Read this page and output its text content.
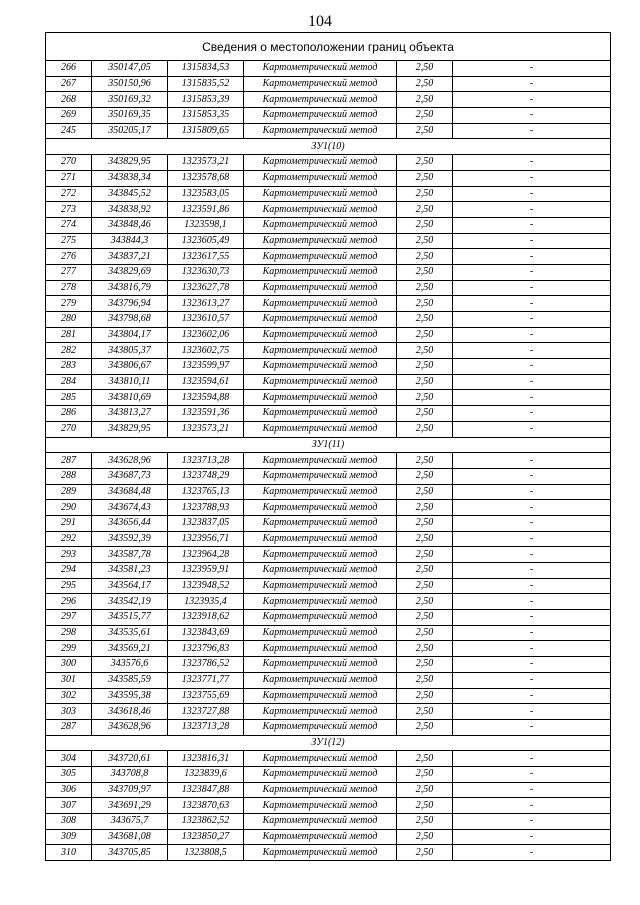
104
Сведения о местоположении границ объекта					
266	350147,05	1315834,53	Картометрический метод	2,50	-
267	350150,96	1315835,52	Картометрический метод	2,50	-
268	350169,32	1315853,39	Картометрический метод	2,50	-
269	350169,35	1315853,35	Картометрический метод	2,50	-
245	350205,17	1315809,65	Картометрический метод	2,50	-
ЗУ1(10)					
270	343829,95	1323573,21	Картометрический метод	2,50	-
271	343838,34	1323578,68	Картометрический метод	2,50	-
272	343845,52	1323583,05	Картометрический метод	2,50	-
273	343838,92	1323591,86	Картометрический метод	2,50	-
274	343848,46	1323598,1	Картометрический метод	2,50	-
275	343844,3	1323605,49	Картометрический метод	2,50	-
276	343837,21	1323617,55	Картометрический метод	2,50	-
277	343829,69	1323630,73	Картометрический метод	2,50	-
278	343816,79	1323627,78	Картометрический метод	2,50	-
279	343796,94	1323613,27	Картометрический метод	2,50	-
280	343798,68	1323610,57	Картометрический метод	2,50	-
281	343804,17	1323602,06	Картометрический метод	2,50	-
282	343805,37	1323602,75	Картометрический метод	2,50	-
283	343806,67	1323599,97	Картометрический метод	2,50	-
284	343810,11	1323594,61	Картометрический метод	2,50	-
285	343810,69	1323594,88	Картометрический метод	2,50	-
286	343813,27	1323591,36	Картометрический метод	2,50	-
270	343829,95	1323573,21	Картометрический метод	2,50	-
ЗУ1(11)					
287	343628,96	1323713,28	Картометрический метод	2,50	-
288	343687,73	1323748,29	Картометрический метод	2,50	-
289	343684,48	1323765,13	Картометрический метод	2,50	-
290	343674,43	1323788,93	Картометрический метод	2,50	-
291	343656,44	1323837,05	Картометрический метод	2,50	-
292	343592,39	1323956,71	Картометрический метод	2,50	-
293	343587,78	1323964,28	Картометрический метод	2,50	-
294	343581,23	1323959,91	Картометрический метод	2,50	-
295	343564,17	1323948,52	Картометрический метод	2,50	-
296	343542,19	1323935,4	Картометрический метод	2,50	-
297	343515,77	1323918,62	Картометрический метод	2,50	-
298	343535,61	1323843,69	Картометрический метод	2,50	-
299	343569,21	1323796,83	Картометрический метод	2,50	-
300	343576,6	1323786,52	Картометрический метод	2,50	-
301	343585,59	1323771,77	Картометрический метод	2,50	-
302	343595,38	1323755,69	Картометрический метод	2,50	-
303	343618,46	1323727,88	Картометрический метод	2,50	-
287	343628,96	1323713,28	Картометрический метод	2,50	-
ЗУ1(12)					
304	343720,61	1323816,31	Картометрический метод	2,50	-
305	343708,8	1323839,6	Картометрический метод	2,50	-
306	343709,97	1323847,88	Картометрический метод	2,50	-
307	343691,29	1323870,63	Картометрический метод	2,50	-
308	343675,7	1323862,52	Картометрический метод	2,50	-
309	343681,08	1323850,27	Картометрический метод	2,50	-
310	343705,85	1323808,5	Картометрический метод	2,50	-
